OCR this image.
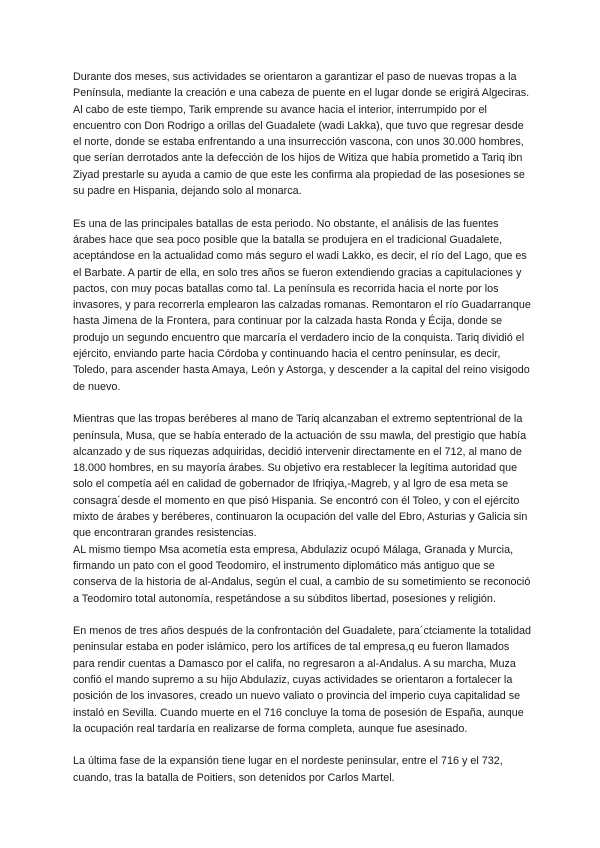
Durante dos meses, sus actividades se orientaron a garantizar el paso de nuevas tropas a la Península, mediante la creación e una cabeza de puente en el lugar donde se erigirá Algeciras. Al cabo de este tiempo, Tarik emprende su avance hacia el interior, interrumpido por el encuentro con Don Rodrigo a orillas del Guadalete (wadi Lakka), que tuvo que regresar desde el norte, donde se estaba enfrentando a una insurrección vascona, con unos 30.000 hombres, que serían derrotados ante la defección de los hijos de Witiza que había prometido a Tariq ibn Ziyad prestarle su ayuda a camio de que este les confirma ala propiedad de las posesiones se su padre en Hispania, dejando solo al monarca.

Es una de las principales batallas de esta periodo. No obstante, el análisis de las fuentes árabes hace que sea poco posible que la batalla se produjera en el tradicional Guadalete, aceptándose en la actualidad como más seguro el wadi Lakko, es decir, el río del Lago, que es el Barbate. A partir de ella, en solo tres años se fueron extendiendo gracias a capitulaciones y pactos, con muy pocas batallas como tal. La península es recorrida hacia el norte por los invasores, y para recorrerla emplearon las calzadas romanas. Remontaron el río Guadarranque hasta Jimena de la Frontera, para continuar por la calzada hasta Ronda y Écija, donde se produjo un segundo encuentro que marcaría el verdadero incio de la conquista. Tariq dividió el ejército, enviando parte hacia Córdoba y continuando hacia el centro peninsular, es decir, Toledo, para ascender hasta Amaya, León y Astorga, y descender a la capital del reino visigodo de nuevo.

Mientras que las tropas beréberes al mano de Tariq alcanzaban el extremo septentrional de la península, Musa, que se había enterado de la actuación de ssu mawla, del prestigio que había alcanzado y de sus riquezas adquiridas, decidió intervenir directamente en el 712, al mano de 18.000 hombres, en su mayoría árabes. Su objetivo era restablecer la legítima autoridad que solo el competía aél en calidad de gobernador de Ifriqiya,-Magreb, y al lgro de esa meta se consagra´desde el momento en que pisó Hispania. Se encontró con él Toleo, y con el ejército mixto de árabes y beréberes, continuaron la ocupación del valle del Ebro, Asturias y Galicia sin que encontraran grandes resistencias.
AL mismo tiempo Msa acometía esta empresa, Abdulaziz ocupó Málaga, Granada y Murcia, firmando un pato con el good Teodomiro, el instrumento diplomático más antiguo que se conserva de la historia de al-Andalus, según el cual, a cambio de su sometimiento se reconoció a Teodomiro total autonomía, respetándose a su súbditos libertad, posesiones y religión.

En menos de tres años después de la confrontación del Guadalete, para´ctciamente la totalidad peninsular estaba en poder islámico, pero los artífices de tal empresa,q eu fueron llamados para rendir cuentas a Damasco por el califa, no regresaron a al-Andalus. A su marcha, Muza confió el mando supremo a su hijo Abdulaziz, cuyas actividades se orientaron a fortalecer la posición de los invasores, creado un nuevo valiato o provincia del imperio cuya capitalidad se instaló en Sevilla. Cuando muerte en el 716 concluye la toma de posesión de España, aunque la ocupación real tardaría en realizarse de forma completa, aunque fue asesinado.

La última fase de la expansión tiene lugar en el nordeste peninsular, entre el 716 y el 732, cuando, tras la batalla de Poitiers, son detenidos por Carlos Martel.
